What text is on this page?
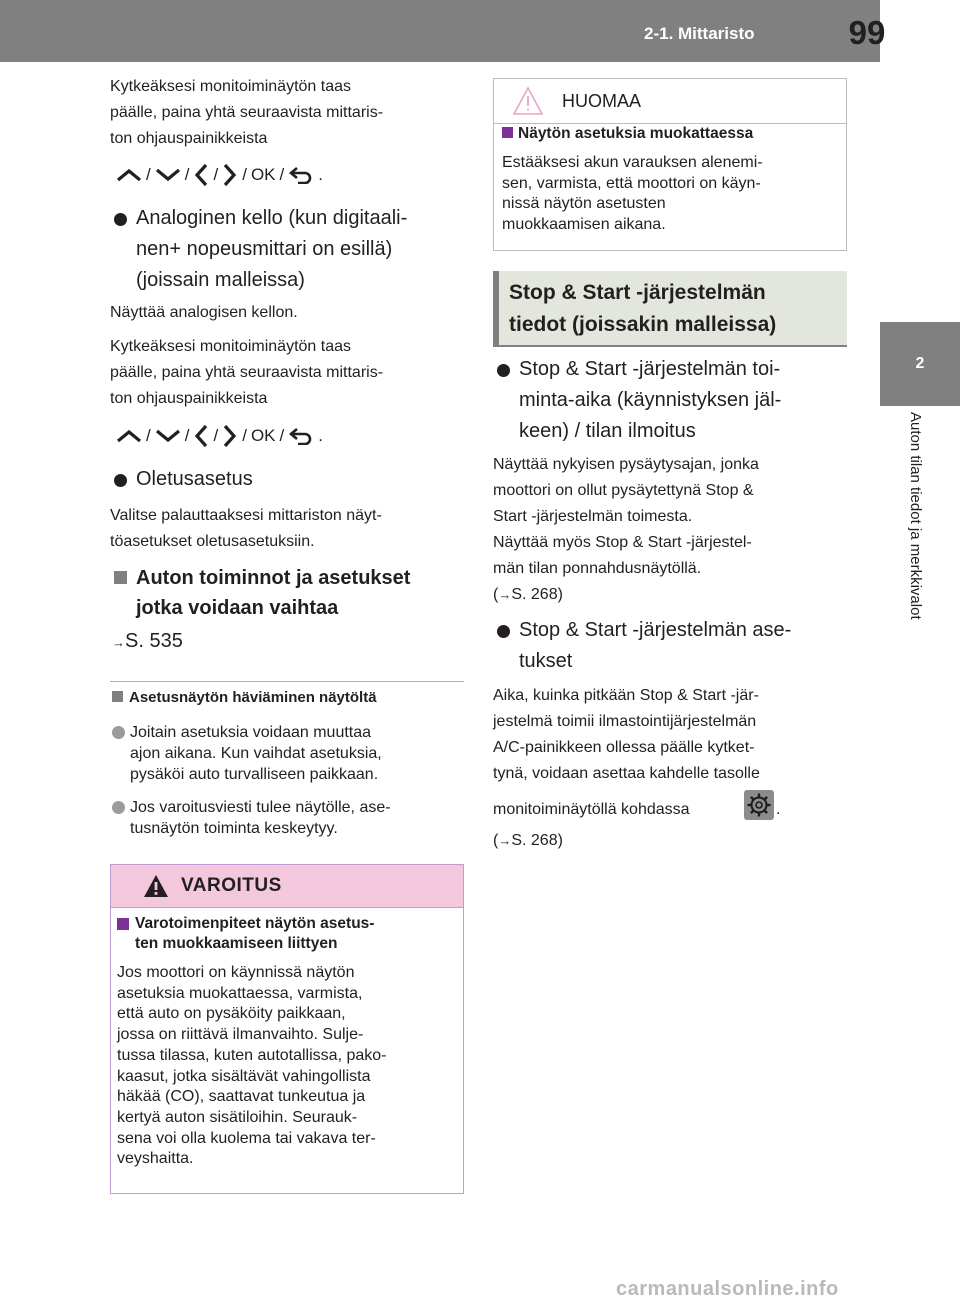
2-1. Mittaristo	99
2
Auton tilan tiedot ja merkkivalot
Kytkeäksesi monitoiminäytön taas
päälle, paina yhtä seuraavista mittaris-
ton ohjauspainikkeista
/ / / / OK / .
Analoginen kello (kun digitaali-
nen+ nopeusmittari on esillä)
(joissain malleissa)
Näyttää analogisen kellon.
Kytkeäksesi monitoiminäytön taas
päälle, paina yhtä seuraavista mittaris-
ton ohjauspainikkeista
/ / / / OK / .
Oletusasetus
Valitse palauttaaksesi mittariston näyt-
töasetukset oletusasetuksiin.
Auton toiminnot ja asetukset
jotka voidaan vaihtaa
→S. 535
Asetusnäytön häviäminen näytöltä
Joitain asetuksia voidaan muuttaa
ajon aikana. Kun vaihdat asetuksia,
pysäköi auto turvalliseen paikkaan.
Jos varoitusviesti tulee näytölle, ase-
tusnäytön toiminta keskeytyy.
VAROITUS
Varotoimenpiteet näytön asetus-
ten muokkaamiseen liittyen
Jos moottori on käynnissä näytön
asetuksia muokattaessa, varmista,
että auto on pysäköity paikkaan,
jossa on riittävä ilmanvaihto. Sulje-
tussa tilassa, kuten autotallissa, pako-
kaasut, jotka sisältävät vahingollista
häkää (CO), saattavat tunkeutua ja
kertyä auton sisätiloihin. Seurauk-
sena voi olla kuolema tai vakava ter-
veyshaitta.
HUOMAA
Näytön asetuksia muokattaessa
Estääksesi akun varauksen alenemi-
sen, varmista, että moottori on käyn-
nissä näytön asetusten
muokkaamisen aikana.
Stop & Start -järjestelmän
tiedot (joissakin malleissa)
Stop & Start -järjestelmän toi-
minta-aika (käynnistyksen jäl-
keen) / tilan ilmoitus
Näyttää nykyisen pysäytysajan, jonka
moottori on ollut pysäytettynä Stop &
Start -järjestelmän toimesta.
Näyttää myös Stop & Start -järjestel-
män tilan ponnahdusnäytöllä.
(→S. 268)
Stop & Start -järjestelmän ase-
tukset
Aika, kuinka pitkään Stop & Start -jär-
jestelmä toimii ilmastointijärjestelmän
A/C-painikkeen ollessa päälle kytket-
tynä, voidaan asettaa kahdelle tasolle
monitoiminäytöllä kohdassa	.
(→S. 268)
carmanualsonline.info
